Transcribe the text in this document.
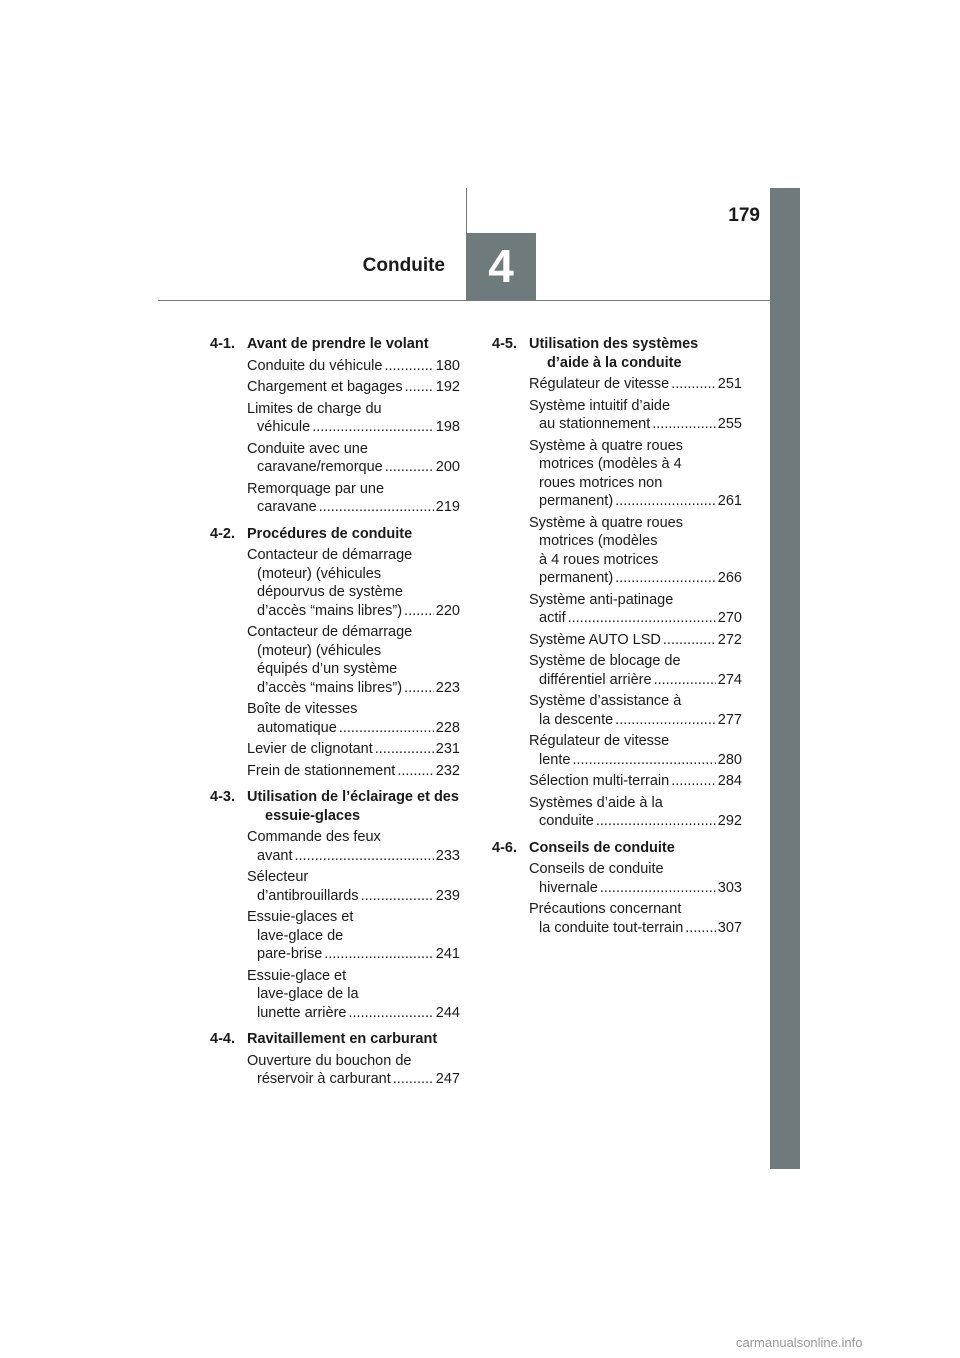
179
Conduite 4
4-1. Avant de prendre le volant
Conduite du véhicule .....	180
Chargement et bagages ..... 192
Limites de charge du
véhicule .....	198
Conduite avec une
caravane/remorque .....	200
Remorquage par une
caravane .....	219
4-2. Procédures de conduite
Contacteur de démarrage
(moteur) (véhicules
dépourvus de système
d’accès “mains libres”) ..... 220
Contacteur de démarrage
(moteur) (véhicules
équipés d’un système
d’accès “mains libres”) ..... 223
Boîte de vitesses
automatique .....	228
Levier de clignotant .....	231
Frein de stationnement .....	232
4-3. Utilisation de l’éclairage et des essuie-glaces
Commande des feux
avant .....	233
Sélecteur
d’antibrouillards .....	239
Essuie-glaces et
lave-glace de
pare-brise .....	241
Essuie-glace et
lave-glace de la
lunette arrière .....	244
4-4. Ravitaillement en carburant
Ouverture du bouchon de
réservoir à carburant .....	247
4-5. Utilisation des systèmes d’aide à la conduite
Régulateur de vitesse .....	251
Système intuitif d’aide
au stationnement .....	255
Système à quatre roues
motrices (modèles à 4
roues motrices non
permanent) .....	261
Système à quatre roues
motrices (modèles
à 4 roues motrices
permanent) .....	266
Système anti-patinage
actif .....	270
Système AUTO LSD .....	272
Système de blocage de
différentiel arrière .....	274
Système d’assistance à
la descente .....	277
Régulateur de vitesse
lente .....	280
Sélection multi-terrain .....	284
Systèmes d’aide à la
conduite .....	292
4-6. Conseils de conduite
Conseils de conduite
hivernale .....	303
Précautions concernant
la conduite tout-terrain ..... 307
carmanualsonline.info
